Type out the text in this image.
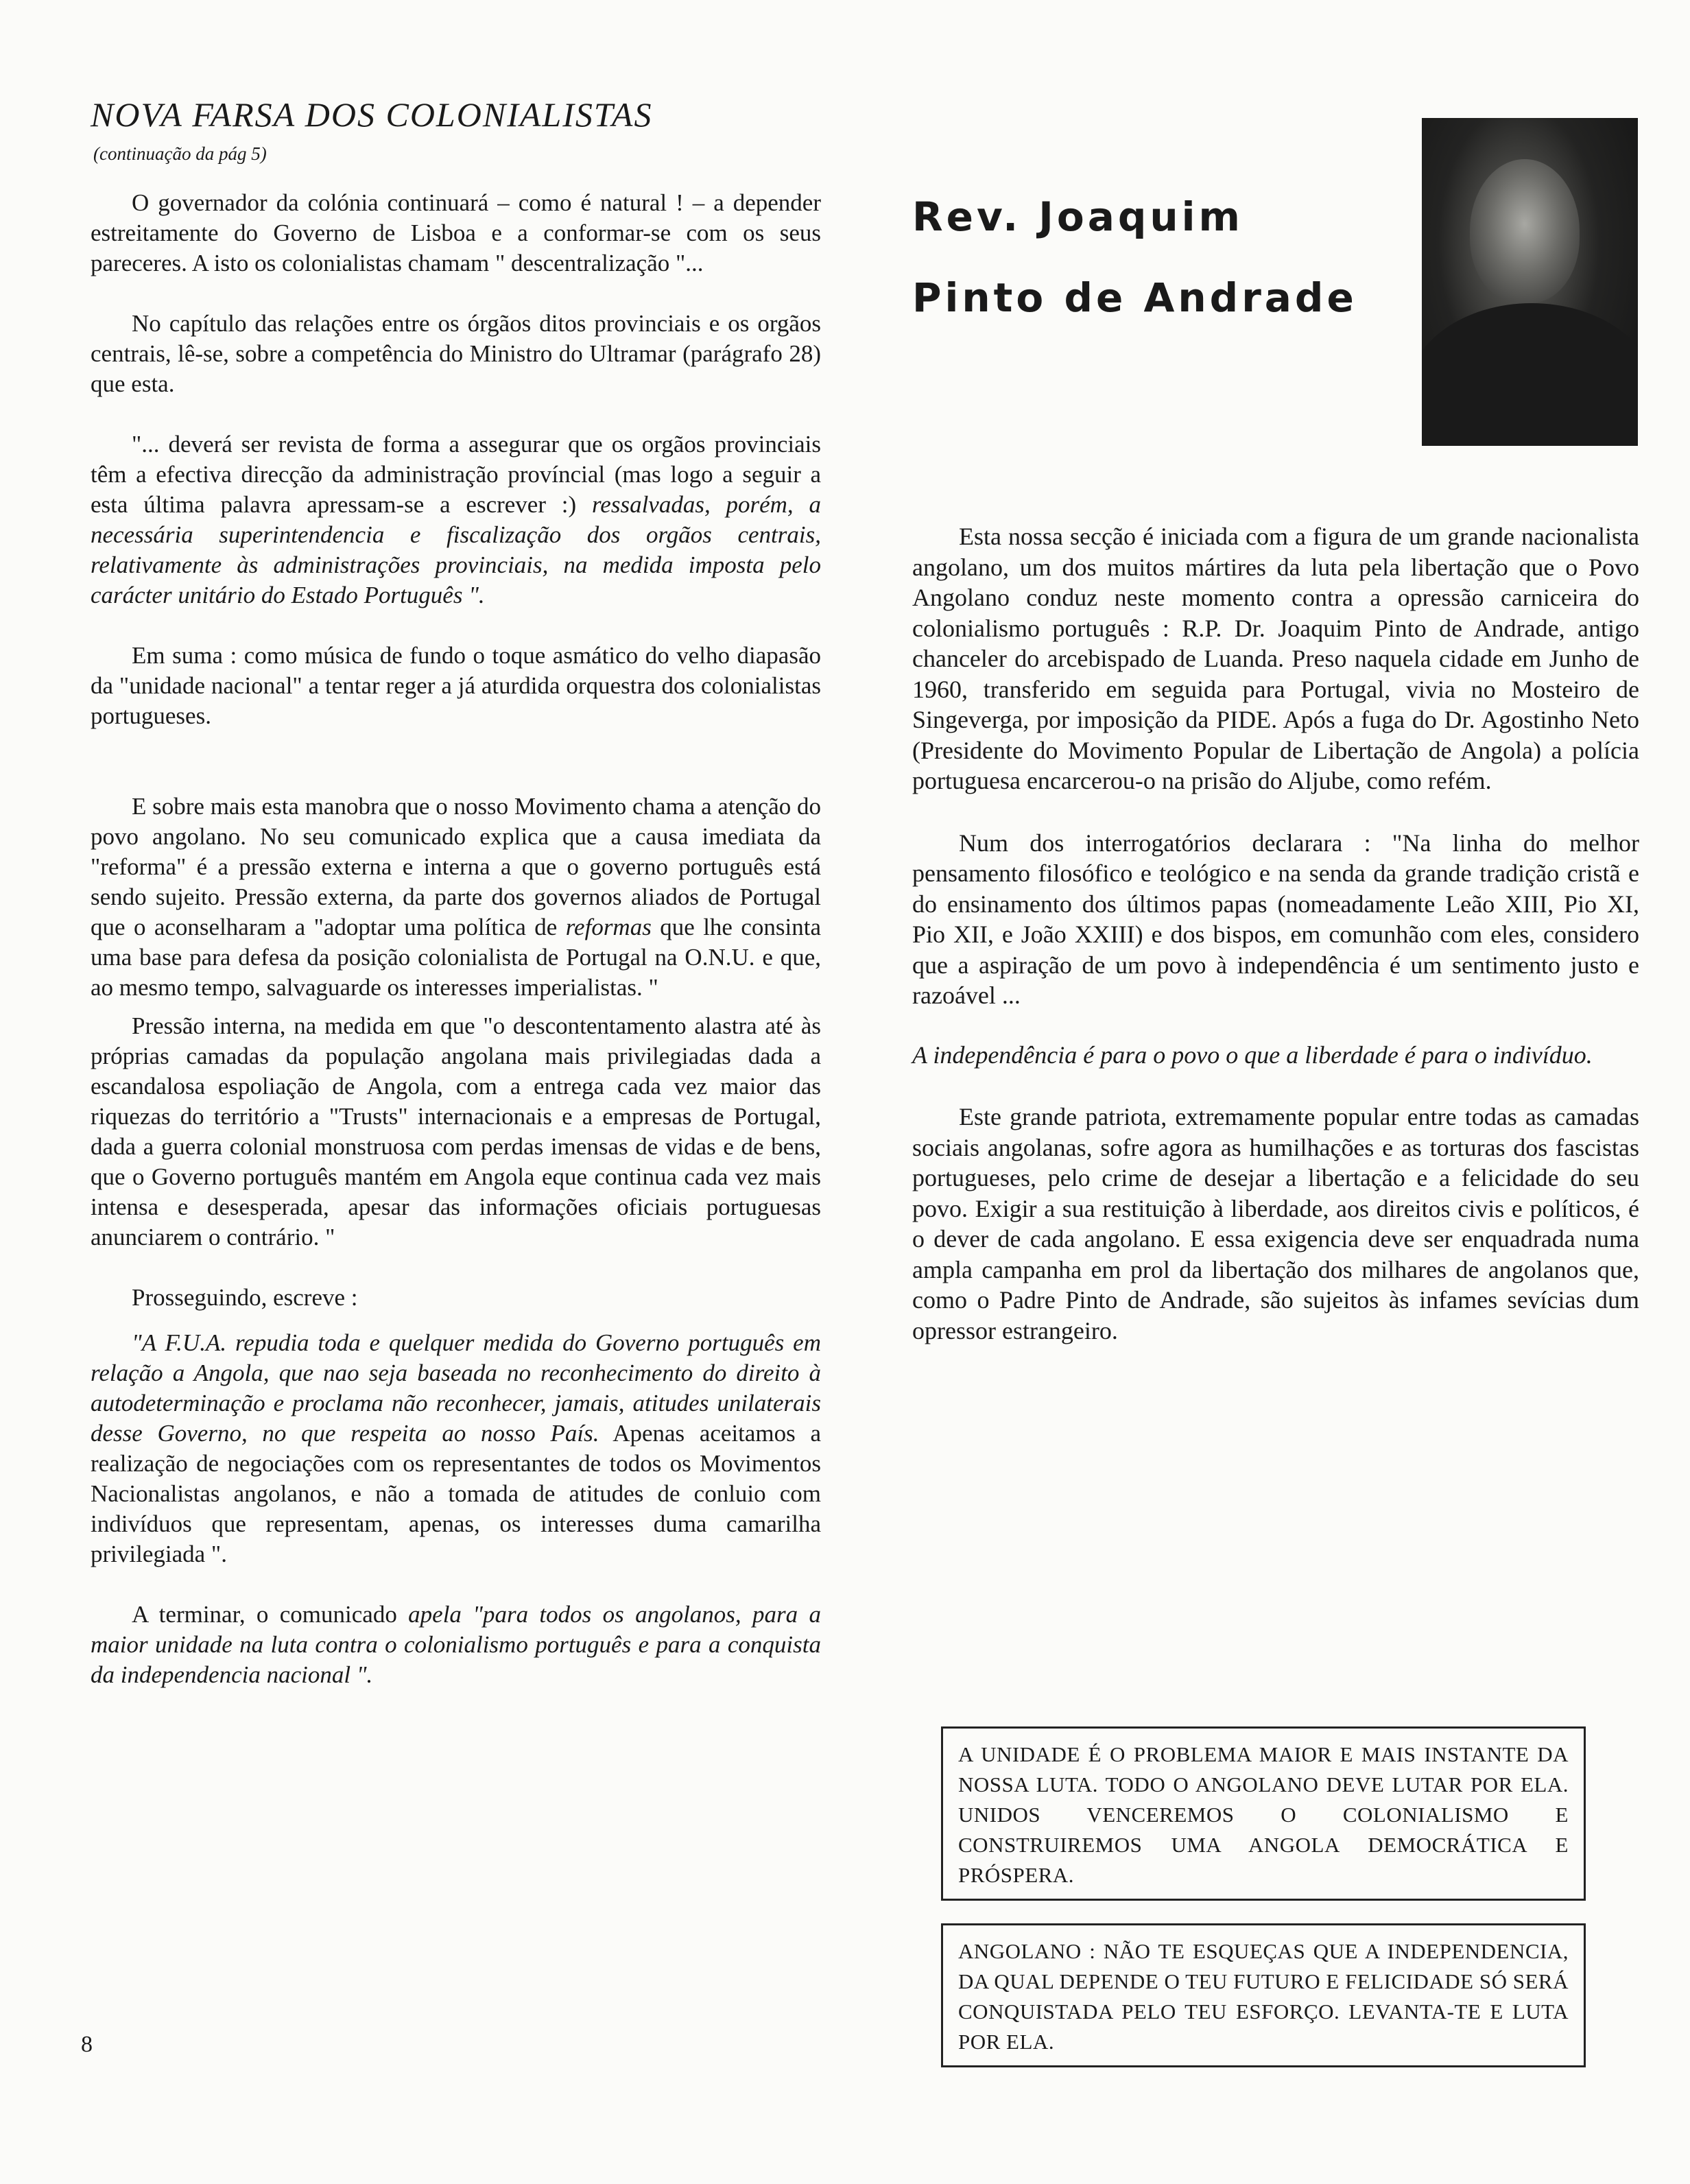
NOVA FARSA DOS COLONIALISTAS
(continuação da pág 5)

O governador da colónia continuará – como é natural ! – a depender estreitamente do Governo de Lisboa e a conformar-se com os seus pareceres. A isto os colonialistas chamam " descentralização "...

No capítulo das relações entre os órgãos ditos provinciais e os orgãos centrais, lê-se, sobre a competência do Ministro do Ultramar (parágrafo 28) que esta.

"... deverá ser revista de forma a assegurar que os orgãos provinciais têm a efectiva direcção da administração províncial (mas logo a seguir a esta última palavra apressam-se a escrever :) ressalvadas, porém, a necessária superintendencia e fiscalização dos orgãos centrais, relativamente às administrações provinciais, na medida imposta pelo carácter unitário do Estado Português ".

Em suma : como música de fundo o toque asmático do velho diapasão da "unidade nacional" a tentar reger a já aturdida orquestra dos colonialistas portugueses.

E sobre mais esta manobra que o nosso Movimento chama a atenção do povo angolano. No seu comunicado explica que a causa imediata da "reforma" é a pressão externa e interna a que o governo português está sendo sujeito. Pressão externa, da parte dos governos aliados de Portugal que o aconselharam a "adoptar uma política de reformas que lhe consinta uma base para defesa da posição colonialista de Portugal na O.N.U. e que, ao mesmo tempo, salvaguarde os interesses imperialistas. "

Pressão interna, na medida em que "o descontentamento alastra até às próprias camadas da população angolana mais privilegiadas dada a escandalosa espoliação de Angola, com a entrega cada vez maior das riquezas do território a "Trusts" internacionais e a empresas de Portugal, dada a guerra colonial monstruosa com perdas imensas de vidas e de bens, que o Governo português mantém em Angola eque continua cada vez mais intensa e desesperada, apesar das informações oficiais portuguesas anunciarem o contrário. "

Prosseguindo, escreve :

"A F.U.A. repudia toda e quelquer medida do Governo português em relação a Angola, que nao seja baseada no reconhecimento do direito à autodeterminação e proclama não reconhecer, jamais, atitudes unilaterais desse Governo, no que respeita ao nosso País. Apenas aceitamos a realização de negociações com os representantes de todos os Movimentos Nacionalistas angolanos, e não a tomada de atitudes de conluio com indivíduos que representam, apenas, os interesses duma camarilha privilegiada ".

A terminar, o comunicado apela "para todos os angolanos, para a maior unidade na luta contra o colonialismo português e para a conquista da independencia nacional ".

Rev. Joaquim
Pinto de Andrade

Esta nossa secção é iniciada com a figura de um grande nacionalista angolano, um dos muitos mártires da luta pela libertação que o Povo Angolano conduz neste momento contra a opressão carniceira do colonialismo português : R.P. Dr. Joaquim Pinto de Andrade, antigo chanceler do arcebispado de Luanda. Preso naquela cidade em Junho de 1960, transferido em seguida para Portugal, vivia no Mosteiro de Singeverga, por imposição da PIDE. Após a fuga do Dr. Agostinho Neto (Presidente do Movimento Popular de Libertação de Angola) a polícia portuguesa encarcerou-o na prisão do Aljube, como refém.

Num dos interrogatórios declarara : "Na linha do melhor pensamento filosófico e teológico e na senda da grande tradição cristã e do ensinamento dos últimos papas (nomeadamente Leão XIII, Pio XI, Pio XII, e João XXIII) e dos bispos, em comunhão com eles, considero que a aspiração de um povo à independência é um sentimento justo e razoável ...

A independência é para o povo o que a liberdade é para o indivíduo.

Este grande patriota, extremamente popular entre todas as camadas sociais angolanas, sofre agora as humilhações e as torturas dos fascistas portugueses, pelo crime de desejar a libertação e a felicidade do seu povo. Exigir a sua restituição à liberdade, aos direitos civis e políticos, é o dever de cada angolano. E essa exigencia deve ser enquadrada numa ampla campanha em prol da libertação dos milhares de angolanos que, como o Padre Pinto de Andrade, são sujeitos às infames sevícias dum opressor estrangeiro.

A UNIDADE É O PROBLEMA MAIOR E MAIS INSTANTE DA NOSSA LUTA. TODO O ANGOLANO DEVE LUTAR POR ELA. UNIDOS VENCEREMOS O COLONIALISMO E CONSTRUIREMOS UMA ANGOLA DEMOCRÁTICA E PRÓSPERA.

ANGOLANO : NÃO TE ESQUEÇAS QUE A INDEPENDENCIA, DA QUAL DEPENDE O TEU FUTURO E FELICIDADE SÓ SERÁ CONQUISTADA PELO TEU ESFORÇO. LEVANTA-TE E LUTA POR ELA.

8
